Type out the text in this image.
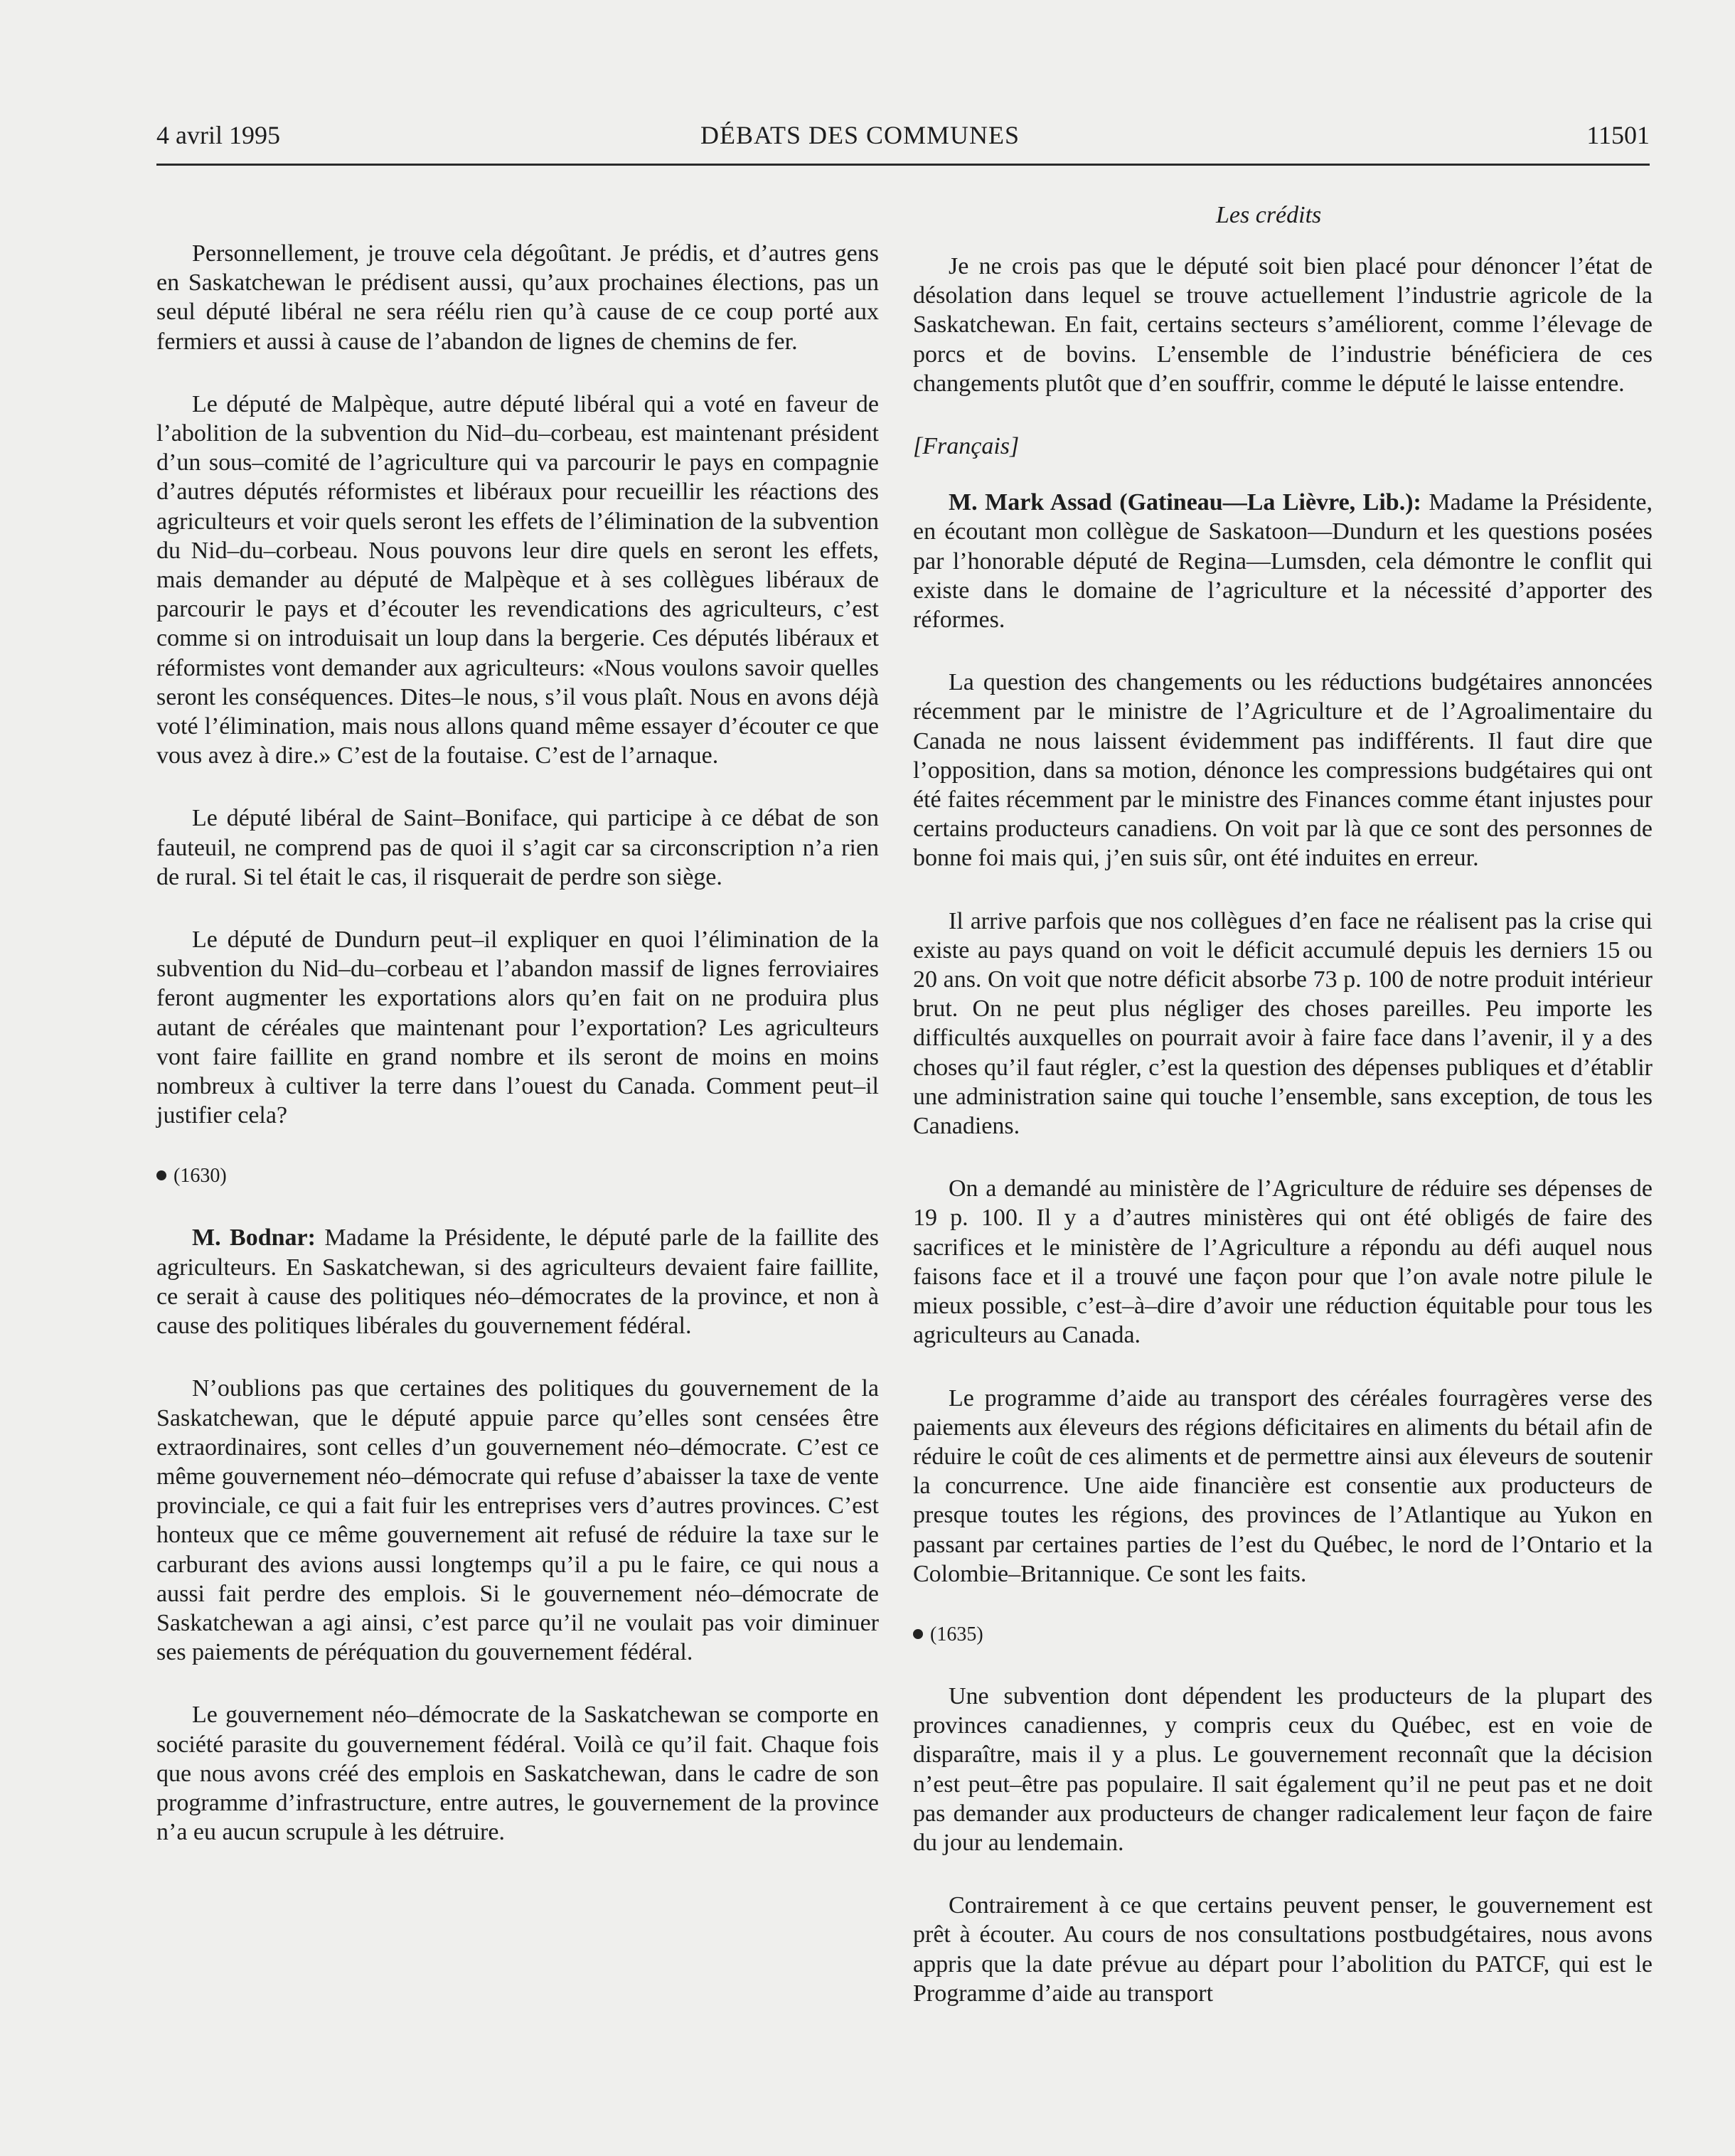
4 avril 1995	DÉBATS DES COMMUNES	11501
Les crédits

Personnellement, je trouve cela dégoûtant. Je prédis, et d’autres gens en Saskatchewan le prédisent aussi, qu’aux prochaines élections, pas un seul député libéral ne sera réélu rien qu’à cause de ce coup porté aux fermiers et aussi à cause de l’abandon de lignes de chemins de fer.

Le député de Malpèque, autre député libéral qui a voté en faveur de l’abolition de la subvention du Nid–du–corbeau, est maintenant président d’un sous–comité de l’agriculture qui va parcourir le pays en compagnie d’autres députés réformistes et libéraux pour recueillir les réactions des agriculteurs et voir quels seront les effets de l’élimination de la subvention du Nid–du–corbeau. Nous pouvons leur dire quels en seront les effets, mais demander au député de Malpèque et à ses collègues libéraux de parcourir le pays et d’écouter les revendications des agriculteurs, c’est comme si on introduisait un loup dans la bergerie. Ces députés libéraux et réformistes vont demander aux agriculteurs: «Nous voulons savoir quelles seront les conséquences. Dites–le nous, s’il vous plaît. Nous en avons déjà voté l’élimination, mais nous allons quand même essayer d’écouter ce que vous avez à dire.» C’est de la foutaise. C’est de l’arnaque.

Le député libéral de Saint–Boniface, qui participe à ce débat de son fauteuil, ne comprend pas de quoi il s’agit car sa circonscription n’a rien de rural. Si tel était le cas, il risquerait de perdre son siège.

Le député de Dundurn peut–il expliquer en quoi l’élimination de la subvention du Nid–du–corbeau et l’abandon massif de lignes ferroviaires feront augmenter les exportations alors qu’en fait on ne produira plus autant de céréales que maintenant pour l’exportation? Les agriculteurs vont faire faillite en grand nombre et ils seront de moins en moins nombreux à cultiver la terre dans l’ouest du Canada. Comment peut–il justifier cela?

(1630)

M. Bodnar: Madame la Présidente, le député parle de la faillite des agriculteurs. En Saskatchewan, si des agriculteurs devaient faire faillite, ce serait à cause des politiques néo–démocrates de la province, et non à cause des politiques libérales du gouvernement fédéral.

N’oublions pas que certaines des politiques du gouvernement de la Saskatchewan, que le député appuie parce qu’elles sont censées être extraordinaires, sont celles d’un gouvernement néo–démocrate. C’est ce même gouvernement néo–démocrate qui refuse d’abaisser la taxe de vente provinciale, ce qui a fait fuir les entreprises vers d’autres provinces. C’est honteux que ce même gouvernement ait refusé de réduire la taxe sur le carburant des avions aussi longtemps qu’il a pu le faire, ce qui nous a aussi fait perdre des emplois. Si le gouvernement néo–démocrate de Saskatchewan a agi ainsi, c’est parce qu’il ne voulait pas voir diminuer ses paiements de péréquation du gouvernement fédéral.

Le gouvernement néo–démocrate de la Saskatchewan se comporte en société parasite du gouvernement fédéral. Voilà ce qu’il fait. Chaque fois que nous avons créé des emplois en Saskatchewan, dans le cadre de son programme d’infrastructure, entre autres, le gouvernement de la province n’a eu aucun scrupule à les détruire.

Je ne crois pas que le député soit bien placé pour dénoncer l’état de désolation dans lequel se trouve actuellement l’industrie agricole de la Saskatchewan. En fait, certains secteurs s’améliorent, comme l’élevage de porcs et de bovins. L’ensemble de l’industrie bénéficiera de ces changements plutôt que d’en souffrir, comme le député le laisse entendre.

[Français]

M. Mark Assad (Gatineau—La Lièvre, Lib.): Madame la Présidente, en écoutant mon collègue de Saskatoon—Dundurn et les questions posées par l’honorable député de Regina—Lumsden, cela démontre le conflit qui existe dans le domaine de l’agriculture et la nécessité d’apporter des réformes.

La question des changements ou les réductions budgétaires annoncées récemment par le ministre de l’Agriculture et de l’Agroalimentaire du Canada ne nous laissent évidemment pas indifférents. Il faut dire que l’opposition, dans sa motion, dénonce les compressions budgétaires qui ont été faites récemment par le ministre des Finances comme étant injustes pour certains producteurs canadiens. On voit par là que ce sont des personnes de bonne foi mais qui, j’en suis sûr, ont été induites en erreur.

Il arrive parfois que nos collègues d’en face ne réalisent pas la crise qui existe au pays quand on voit le déficit accumulé depuis les derniers 15 ou 20 ans. On voit que notre déficit absorbe 73 p. 100 de notre produit intérieur brut. On ne peut plus négliger des choses pareilles. Peu importe les difficultés auxquelles on pourrait avoir à faire face dans l’avenir, il y a des choses qu’il faut régler, c’est la question des dépenses publiques et d’établir une administration saine qui touche l’ensemble, sans exception, de tous les Canadiens.

On a demandé au ministère de l’Agriculture de réduire ses dépenses de 19 p. 100. Il y a d’autres ministères qui ont été obligés de faire des sacrifices et le ministère de l’Agriculture a répondu au défi auquel nous faisons face et il a trouvé une façon pour que l’on avale notre pilule le mieux possible, c’est–à–dire d’avoir une réduction équitable pour tous les agriculteurs au Canada.

Le programme d’aide au transport des céréales fourragères verse des paiements aux éleveurs des régions déficitaires en aliments du bétail afin de réduire le coût de ces aliments et de permettre ainsi aux éleveurs de soutenir la concurrence. Une aide financière est consentie aux producteurs de presque toutes les régions, des provinces de l’Atlantique au Yukon en passant par certaines parties de l’est du Québec, le nord de l’Ontario et la Colombie–Britannique. Ce sont les faits.

(1635)

Une subvention dont dépendent les producteurs de la plupart des provinces canadiennes, y compris ceux du Québec, est en voie de disparaître, mais il y a plus. Le gouvernement reconnaît que la décision n’est peut–être pas populaire. Il sait également qu’il ne peut pas et ne doit pas demander aux producteurs de changer radicalement leur façon de faire du jour au lendemain.

Contrairement à ce que certains peuvent penser, le gouvernement est prêt à écouter. Au cours de nos consultations postbudgétaires, nous avons appris que la date prévue au départ pour l’abolition du PATCF, qui est le Programme d’aide au transport
